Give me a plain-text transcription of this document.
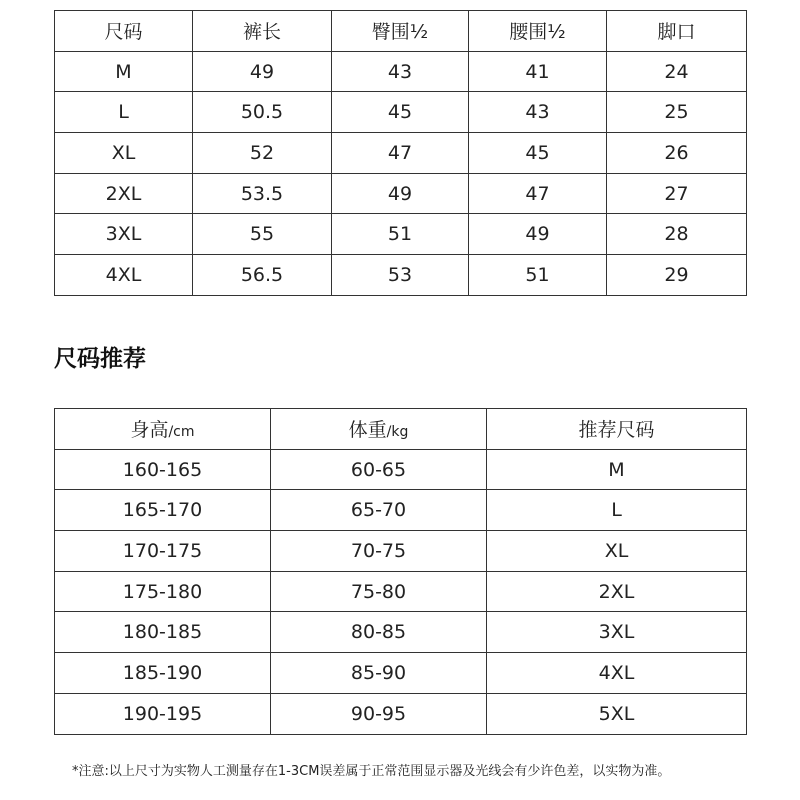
尺码	裤长	臀围½	腰围½	脚口
M	49	43	41	24
L	50.5	45	43	25
XL	52	47	45	26
2XL	53.5	49	47	27
3XL	55	51	49	28
4XL	56.5	53	51	29
尺码推荐
身高/cm	体重/kg	推荐尺码
160-165	60-65	M
165-170	65-70	L
170-175	70-75	XL
175-180	75-80	2XL
180-185	80-85	3XL
185-190	85-90	4XL
190-195	90-95	5XL
*注意:以上尺寸为实物人工测量存在1-3CM误差属于正常范围显示器及光线会有少许色差，以实物为准。
